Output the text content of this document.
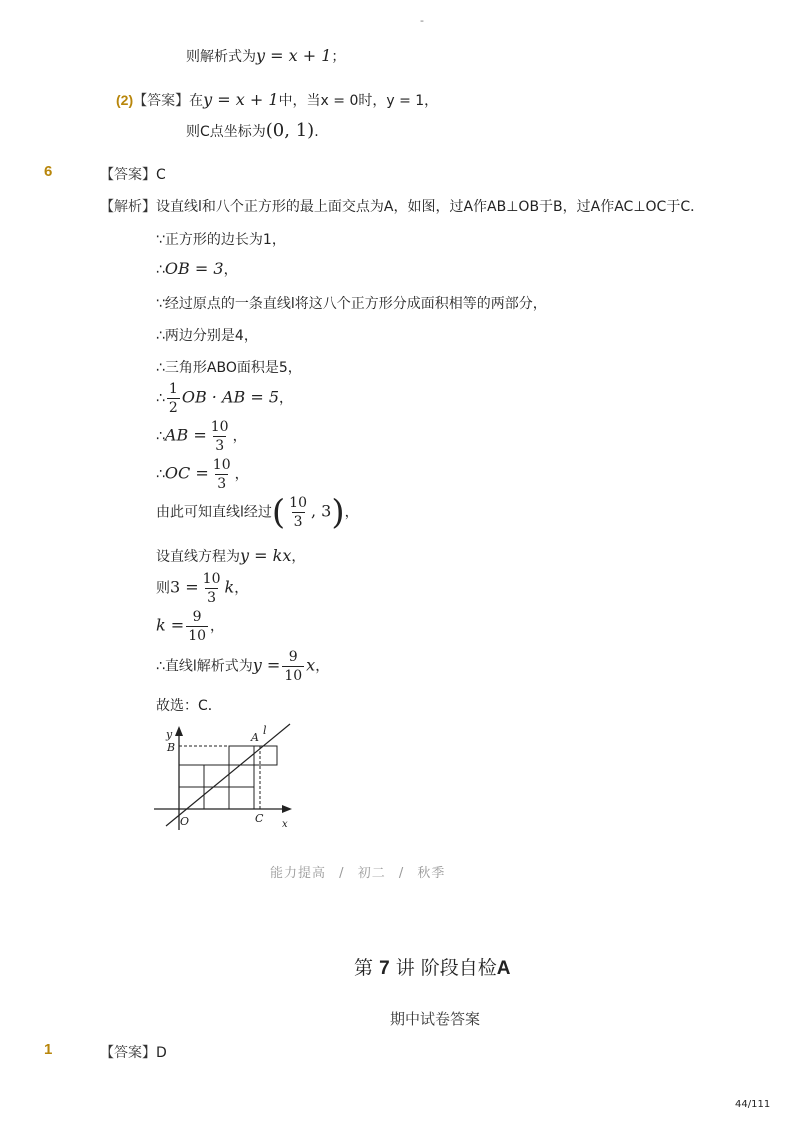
-
则解析式为y = x + 1；
(2)【答案】在y = x + 1中，当x = 0时，y = 1，
则C点坐标为(0, 1).
6	【答案】C
【解析】设直线l和八个正方形的最上面交点为A，如图，过A作AB⊥OB于B，过A作AC⊥OC于C．
∵正方形的边长为1，
∴OB = 3，
∵经过原点的一条直线l将这八个正方形分成面积相等的两部分，
∴两边分别是4，
∴三角形ABO面积是5，
∴ $\frac{1}{2}$ OB · AB = 5，
∴AB = $\frac{10}{3}$ ，
∴OC = $\frac{10}{3}$ ，
由此可知直线l经过( $\frac{10}{3}$ , 3)，
设直线方程为y = kx，
则$3 = \frac{10}{3}$ k，
$k = \frac{9}{10}$ ，
∴直线l解析式为$y = \frac{9}{10}$ x，
故选：C．
y
B
A
l
O	C x
能力提高 / 初二 / 秋季
第 7 讲 阶段自检A
期中试卷答案
1	【答案】D
44/111
